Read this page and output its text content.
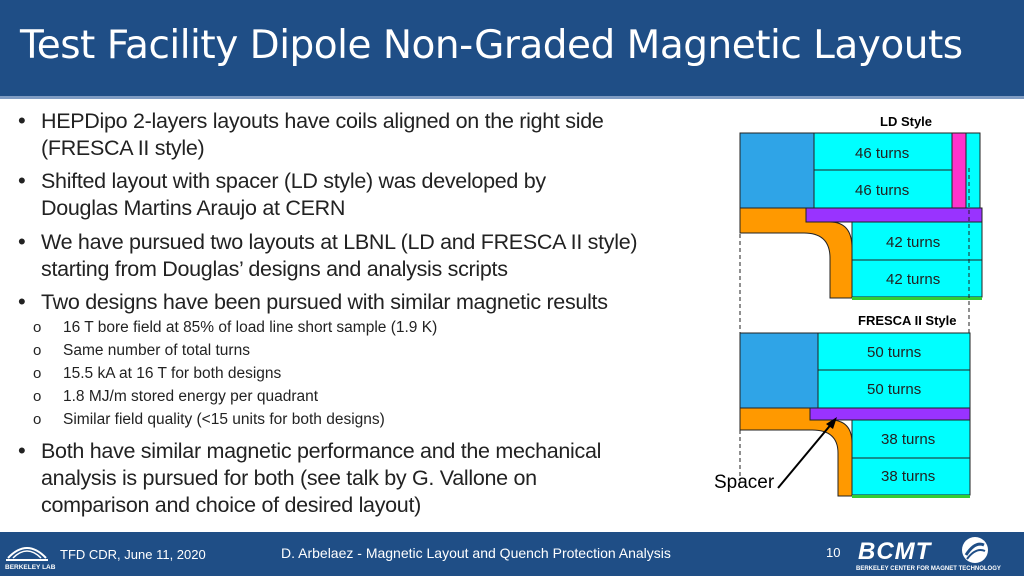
Test Facility Dipole Non-Graded Magnetic Layouts
• HEPDipo 2-layers layouts have coils aligned on the right side
(FRESCA II style)
• Shifted layout with spacer (LD style) was developed by
Douglas Martins Araujo at CERN
• We have pursued two layouts at LBNL (LD and FRESCA II style)
starting from Douglas’ designs and analysis scripts
• Two designs have been pursued with similar magnetic results
o 16 T bore field at 85% of load line short sample (1.9 K)
o Same number of total turns
o 15.5 kA at 16 T for both designs
o 1.8 MJ/m stored energy per quadrant
o Similar field quality (<15 units for both designs)
• Both have similar magnetic performance and the mechanical
analysis is pursued for both (see talk by G. Vallone on
comparison and choice of desired layout)
LD Style
46 turns
46 turns
42 turns
42 turns
FRESCA II Style
50 turns
50 turns
38 turns
38 turns
Spacer
BERKELEY LAB
TFD CDR, June 11, 2020	D. Arbelaez - Magnetic Layout and Quench Protection Analysis	10 BCMT
BERKELEY CENTER FOR MAGNET TECHNOLOGY
